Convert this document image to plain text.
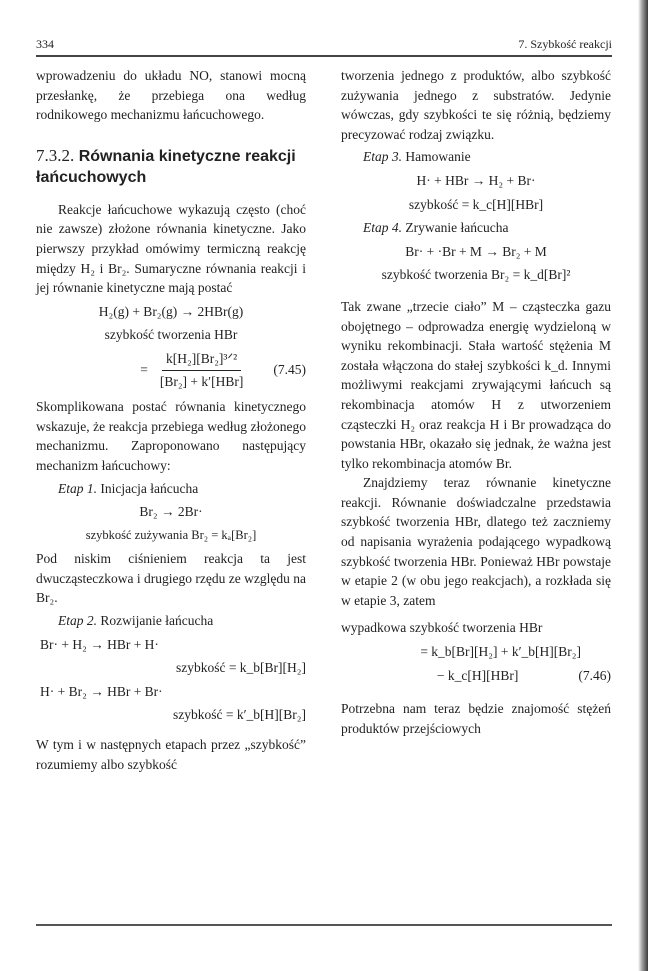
334	7. Szybkość reakcji

wprowadzeniu do układu NO, stanowi mocną przesłankę, że przebiega ona według rodnikowego mechanizmu łańcuchowego.

7.3.2. Równania kinetyczne reakcji łańcuchowych

Reakcje łańcuchowe wykazują często (choć nie zawsze) złożone równania kinetyczne. Jako pierwszy przykład omówimy termiczną reakcję między H₂ i Br₂. Sumaryczne równania reakcji i jej równanie kinetyczne mają postać

H₂(g) + Br₂(g) → 2HBr(g)
szybkość tworzenia HBr
= $\frac{\text{k[H₂][Br₂]³ᐟ²}}{\text{[Br₂] + k′[HBr]}} (7.45)$

Skomplikowana postać równania kinetycznego wskazuje, że reakcja przebiega według złożonego mechanizmu. Zaproponowano następujący mechanizm łańcuchowy:

Etap 1. Inicjacja łańcucha
Br₂ → 2Br·
szybkość zużywania Br₂ = kₐ[Br₂]

Pod niskim ciśnieniem reakcja ta jest dwucząsteczkowa i drugiego rzędu ze względu na Br₂.

Etap 2. Rozwijanie łańcucha
Br· + H₂ → HBr + H·
szybkość = k_b[Br][H₂]
H· + Br₂ → HBr + Br·
szybkość = k′_b[H][Br₂]

W tym i w następnych etapach przez „szybkość” rozumiemy albo szybkość

tworzenia jednego z produktów, albo szybkość zużywania jednego z substratów. Jedynie wówczas, gdy szybkości te się różnią, będziemy precyzować rodzaj związku.

Etap 3. Hamowanie
H· + HBr → H₂ + Br·
szybkość = k_c[H][HBr]
Etap 4. Zrywanie łańcucha
Br· + ·Br + M → Br₂ + M
szybkość tworzenia Br₂ = k_d[Br]²

Tak zwane „trzecie ciało” M – cząsteczka gazu obojętnego – odprowadza energię wydzieloną w wyniku rekombinacji. Stała wartość stężenia M została włączona do stałej szybkości k_d. Innymi możliwymi reakcjami zrywającymi łańcuch są rekombinacja atomów H z utworzeniem cząsteczki H₂ oraz reakcja H i Br prowadząca do powstania HBr, okazało się jednak, że ważna jest tylko rekombinacja atomów Br.

Znajdziemy teraz równanie kinetyczne reakcji. Równanie doświadczalne przedstawia szybkość tworzenia HBr, dlatego też zaczniemy od napisania wyrażenia podającego wypadkową szybkość tworzenia HBr. Ponieważ HBr powstaje w etapie 2 (w obu jego reakcjach), a rozkłada się w etapie 3, zatem

wypadkowa szybkość tworzenia HBr
= k_b[Br][H₂] + k′_b[H][Br₂]
− k_c[H][HBr]	(7.46)

Potrzebna nam teraz będzie znajomość stężeń produktów przejściowych
